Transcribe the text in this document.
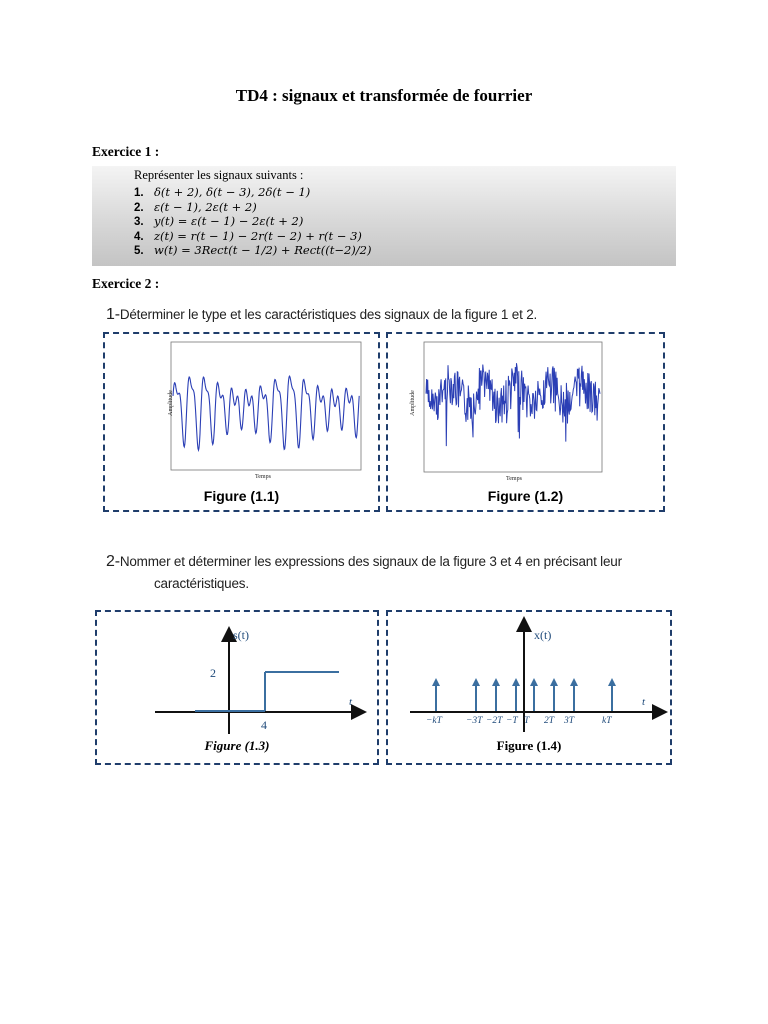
TD4 : signaux et transformée de fourrier
Exercice 1 :
Représenter les signaux suivants :
1. δ(t + 2), δ(t − 3), 2δ(t − 1)
2. ε(t − 1), 2ε(t + 2)
3. y(t) = ε(t − 1) − 2ε(t + 2)
4. z(t) = r(t − 1) − 2r(t − 2) + r(t − 3)
5. w(t) = 3Rect(t − 1/2) + Rect((t−2)/2)
Exercice 2 :
1-Déterminer le type et les caractéristiques des signaux de la figure 1 et 2.
Amplitude
Temps
Figure (1.1)
Amplitude
Temps
Figure (1.2)
2-Nommer et déterminer les expressions des signaux de la figure 3 et 4 en précisant leur
caractéristiques.
s(t)
t
2
4
Figure (1.3)
x(t)
t
−kT	−3T −2T −T T 2T 3T	kT
Figure (1.4)
